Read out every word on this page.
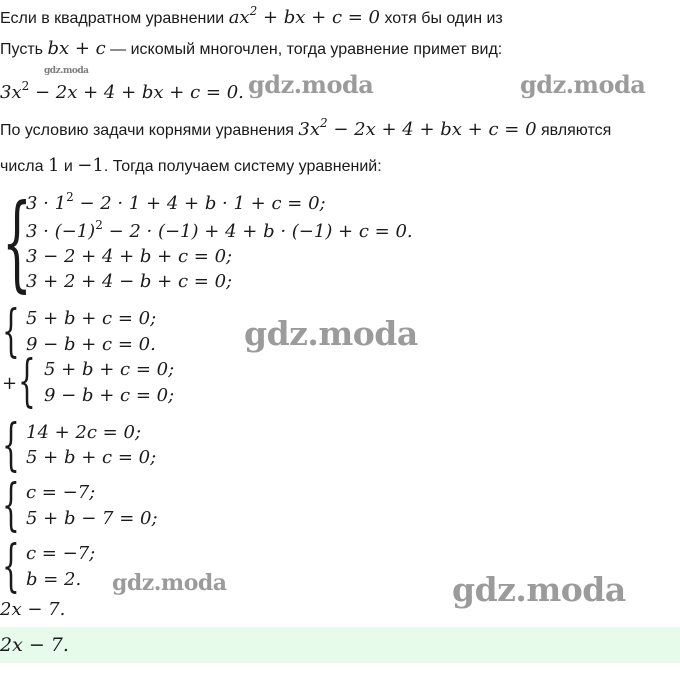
Если в квадратном уравнении $ax^2$ + bx + c = 0 хотя бы один из
Пусть bx + c — искомый многочлен, тогда уравнение примет вид:
$3x^2 - 2x + 4$ + bx + c = 0.
По условию задачи корнями уравнения $3x^2 - 2x + 4$ + bx + c = 0 являются
числа 1 и −1. Тогда получаем систему уравнений:
{
$3 \cdot 1^2 - 2 \cdot 1 + 4 + b \cdot 1 + c = 0$;
$3 \cdot (-1)^2 - 2 \cdot (-1) + 4 + b \cdot (-1) + c = 0$.
3 − 2 + 4 + b + c = 0;
3 + 2 + 4 − b + c = 0;
{ 5 + b + c = 0;
9 − b + c = 0.
+ { 5 + b + c = 0;
9 − b + c = 0;
{ 14 + 2c = 0;
5 + b + c = 0;
{ c = −7;
5 + b − 7 = 0;
{ c = −7;
b = 2.
2x − 7.
2x − 7.
gdz.moda	gdz.moda	gdz.moda
gdz.moda
gdz.moda	gdz.moda
